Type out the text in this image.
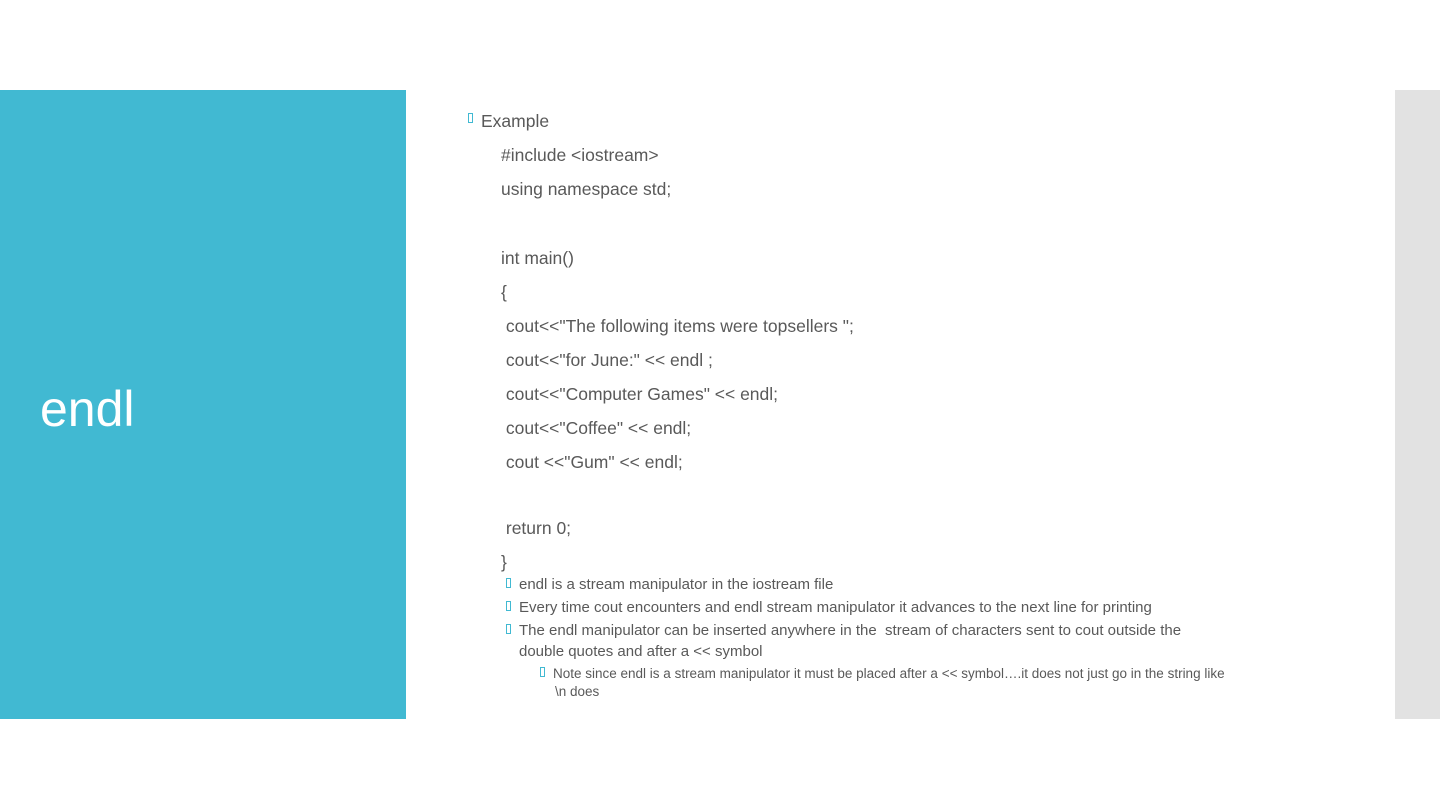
endl

Example

#include <iostream>

using namespace std;

int main()

{

cout<<"The following items were topsellers ";

cout<<"for June:" << endl ;

cout<<"Computer Games" << endl;

cout<<"Coffee" << endl;

cout <<"Gum" << endl;

return 0;

}

endl is a stream manipulator in the iostream file

Every time cout encounters and endl stream manipulator it advances to the next line for printing

The endl manipulator can be inserted anywhere in the  stream of characters sent to cout outside the

double quotes and after a << symbol

Note since endl is a stream manipulator it must be placed after a << symbol….it does not just go in the string like

\n does
